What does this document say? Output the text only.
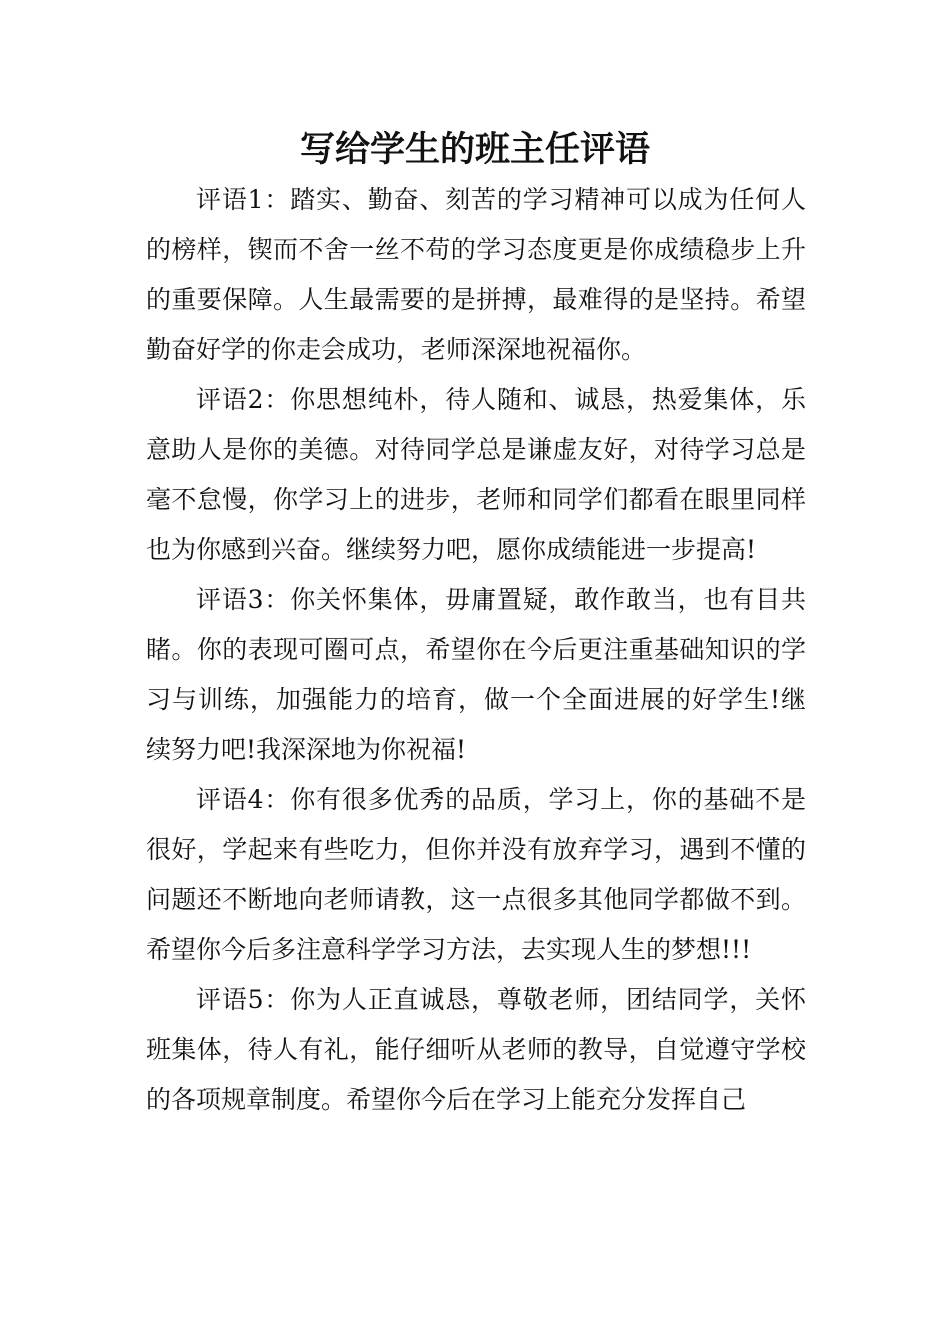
写给学生的班主任评语

评语1：踏实、勤奋、刻苦的学习精神可以成为任何人的榜样，锲而不舍一丝不苟的学习态度更是你成绩稳步上升的重要保障。人生最需要的是拼搏，最难得的是坚持。希望勤奋好学的你走会成功，老师深深地祝福你。

评语2：你思想纯朴，待人随和、诚恳，热爱集体，乐意助人是你的美德。对待同学总是谦虚友好，对待学习总是毫不怠慢，你学习上的进步，老师和同学们都看在眼里同样也为你感到兴奋。继续努力吧，愿你成绩能进一步提高!

评语3：你关怀集体，毋庸置疑，敢作敢当，也有目共睹。你的表现可圈可点，希望你在今后更注重基础知识的学习与训练，加强能力的培育，做一个全面进展的好学生!继续努力吧!我深深地为你祝福!

评语4：你有很多优秀的品质，学习上，你的基础不是很好，学起来有些吃力，但你并没有放弃学习，遇到不懂的问题还不断地向老师请教，这一点很多其他同学都做不到。希望你今后多注意科学学习方法，去实现人生的梦想!!!

评语5：你为人正直诚恳，尊敬老师，团结同学，关怀班集体，待人有礼，能仔细听从老师的教导，自觉遵守学校的各项规章制度。希望你今后在学习上能充分发挥自己
